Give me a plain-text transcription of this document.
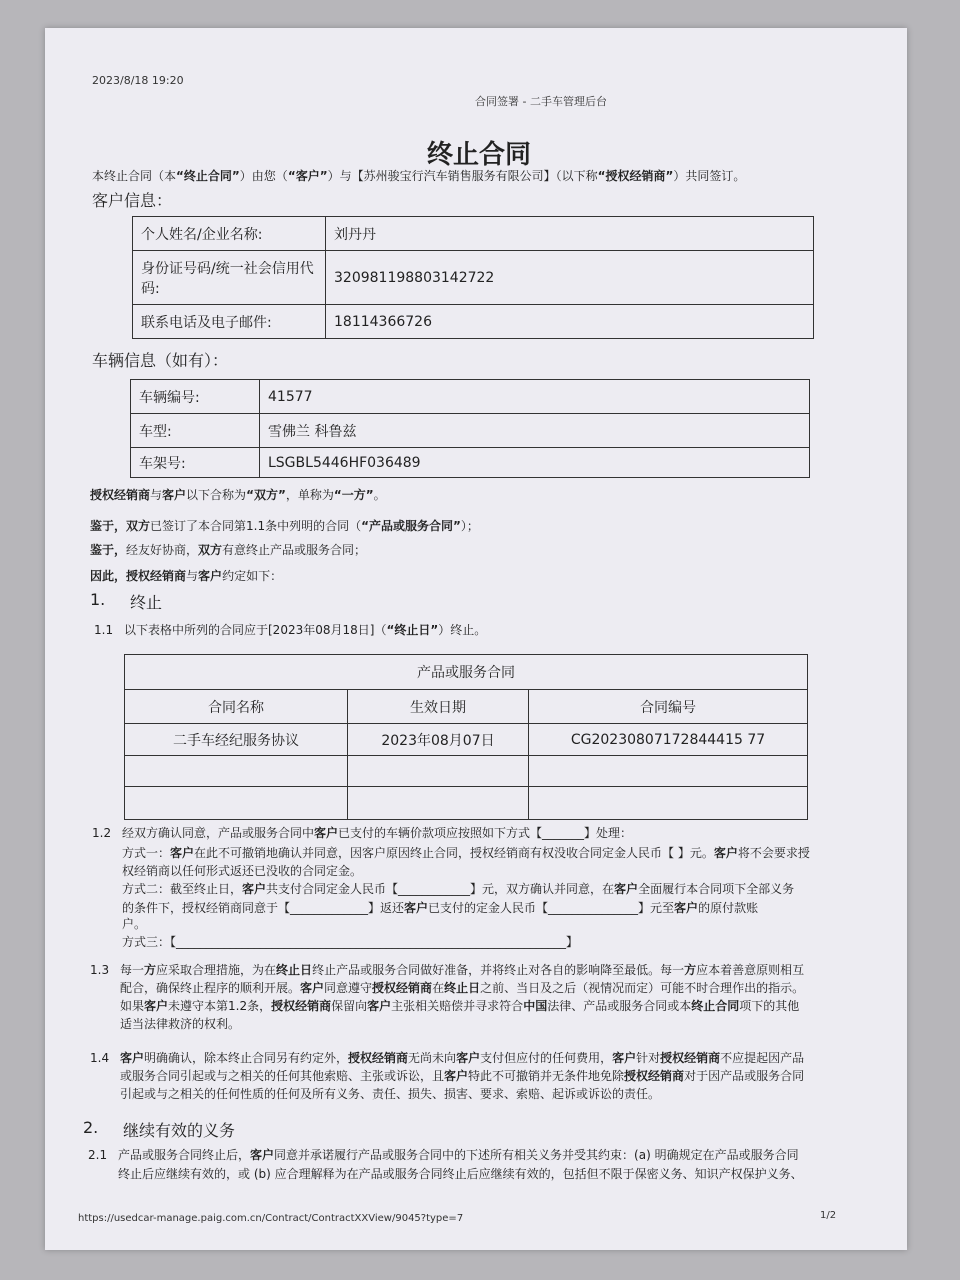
2023/8/18 19:20
合同签署 - 二手车管理后台
终止合同
本终止合同（本“终止合同”）由您（“客户”）与【苏州骏宝行汽车销售服务有限公司】（以下称“授权经销商”）共同签订。
客户信息：
个人姓名/企业名称:	刘丹丹
身份证号码/统一社会信用代码:	320981198803142722
联系电话及电子邮件:	18114366726
车辆信息（如有）：
车辆编号:	41577
车型:	雪佛兰 科鲁兹
车架号:	LSGBL5446HF036489
授权经销商与客户以下合称为“双方”，单称为“一方”。
鉴于，双方已签订了本合同第1.1条中列明的合同（“产品或服务合同”）；
鉴于，经友好协商，双方有意终止产品或服务合同；
因此，授权经销商与客户约定如下：
1. 终止
1.1 以下表格中所列的合同应于[2023年08月18日]（“终止日”）终止。
产品或服务合同		
合同名称	生效日期	合同编号
二手车经纪服务协议	2023年08月07日	CG20230807172844415 77

1.2 经双方确认同意，产品或服务合同中客户已支付的车辆价款项应按照如下方式【_______】处理：
方式一：客户在此不可撤销地确认并同意，因客户原因终止合同，授权经销商有权没收合同定金人民币【 】元。客户将不会要求授
权经销商以任何形式返还已没收的合同定金。
方式二：截至终止日，客户共支付合同定金人民币【____________】元，双方确认并同意，在客户全面履行本合同项下全部义务
的条件下，授权经销商同意于【_____________】返还客户已支付的定金人民币【_______________】元至客户的原付款账
户。
方式三：【_________________________________________________________________】
1.3 每一方应采取合理措施，为在终止日终止产品或服务合同做好准备，并将终止对各自的影响降至最低。每一方应本着善意原则相互
配合，确保终止程序的顺利开展。客户同意遵守授权经销商在终止日之前、当日及之后（视情况而定）可能不时合理作出的指示。
如果客户未遵守本第1.2条，授权经销商保留向客户主张相关赔偿并寻求符合中国法律、产品或服务合同或本终止合同项下的其他
适当法律救济的权利。
1.4 客户明确确认，除本终止合同另有约定外，授权经销商无尚未向客户支付但应付的任何费用，客户针对授权经销商不应提起因产品
或服务合同引起或与之相关的任何其他索赔、主张或诉讼，且客户特此不可撤销并无条件地免除授权经销商对于因产品或服务合同
引起或与之相关的任何性质的任何及所有义务、责任、损失、损害、要求、索赔、起诉或诉讼的责任。
2. 继续有效的义务
2.1 产品或服务合同终止后，客户同意并承诺履行产品或服务合同中的下述所有相关义务并受其约束：(a) 明确规定在产品或服务合同
终止后应继续有效的，或 (b) 应合理解释为在产品或服务合同终止后应继续有效的，包括但不限于保密义务、知识产权保护义务、
https://usedcar-manage.paig.com.cn/Contract/ContractXXView/9045?type=7	1/2
